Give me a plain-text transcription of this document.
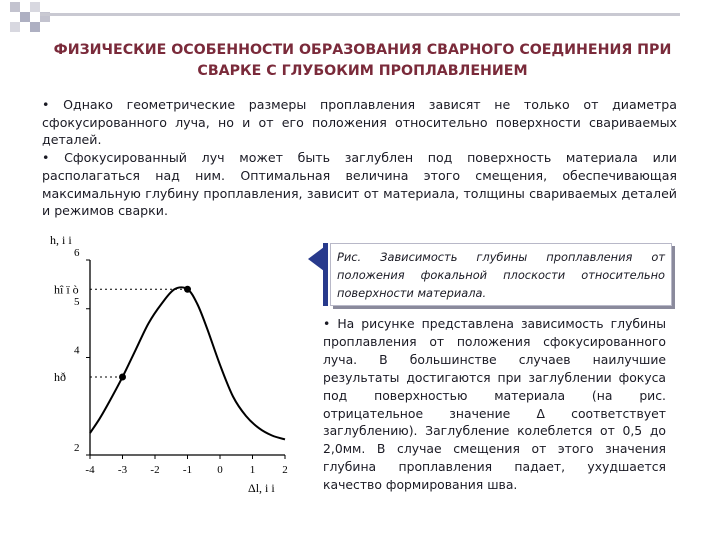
ФИЗИЧЕСКИЕ ОСОБЕННОСТИ ОБРАЗОВАНИЯ СВАРНОГО СОЕДИНЕНИЯ ПРИ СВАРКЕ С ГЛУБОКИМ ПРОПЛАВЛЕНИЕМ

• Однако геометрические размеры проплавления зависят не только от диаметра сфокусированного луча, но и от его положения относительно поверхности свариваемых деталей.

• Сфокусированный луч может быть заглублен под поверхность материала или располагаться над ним. Оптимальная величина этого смещения, обеспечивающая максимальную глубину проплавления, зависит от материала, толщины свариваемых деталей и режимов сварки.

h, і і
2
4
5
6
-4 -3 -2 -1 0 1 2
hð
hî ï ò
Δl, і і
Рис. Зависимость глубины проплавления от положения фокальной плоскости относительно поверхности материала.

• На рисунке представлена зависимость глубины проплавления от положения сфокусированного луча. В большинстве случаев наилучшие результаты достигаются при заглублении фокуса под поверхностью материала (на рис. отрицательное значение Δ соответствует заглублению). Заглубление колеблется от 0,5 до 2,0мм. В случае смещения от этого значения глубина проплавления падает, ухудшается качество формирования шва.
